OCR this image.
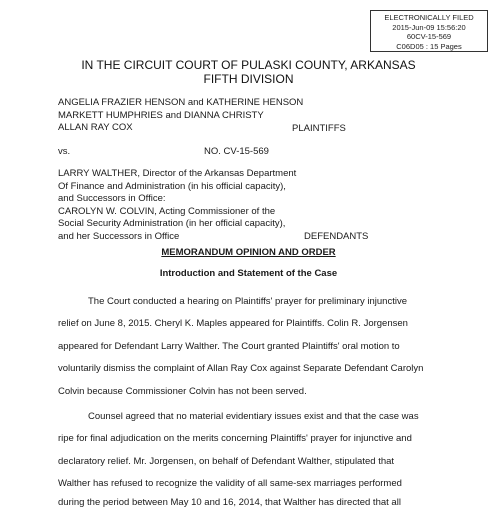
ELECTRONICALLY FILED
2015-Jun-09 15:56:20
60CV-15-569
C06D05 : 15 Pages
IN THE CIRCUIT COURT OF PULASKI COUNTY, ARKANSAS
FIFTH DIVISION
ANGELIA FRAZIER HENSON and KATHERINE HENSON
MARKETT HUMPHRIES and DIANNA CHRISTY
ALLAN RAY COX	PLAINTIFFS
vs.	NO. CV-15-569
LARRY WALTHER, Director of the Arkansas Department
Of Finance and Administration (in his official capacity),
and Successors in Office:
CAROLYN W. COLVIN, Acting Commissioner of the
Social Security Administration (in her official capacity),
and her Successors in Office	DEFENDANTS
MEMORANDUM OPINION AND ORDER
Introduction and Statement of the Case
The Court conducted a hearing on Plaintiffs' prayer for preliminary injunctive
relief on June 8, 2015. Cheryl K. Maples appeared for Plaintiffs. Colin R. Jorgensen
appeared for Defendant Larry Walther. The Court granted Plaintiffs' oral motion to
voluntarily dismiss the complaint of Allan Ray Cox against Separate Defendant Carolyn
Colvin because Commissioner Colvin has not been served.
Counsel agreed that no material evidentiary issues exist and that the case was
ripe for final adjudication on the merits concerning Plaintiffs' prayer for injunctive and
declaratory relief. Mr. Jorgensen, on behalf of Defendant Walther, stipulated that
Walther has refused to recognize the validity of all same-sex marriages performed
during the period between May 10 and 16, 2014, that Walther has directed that all
